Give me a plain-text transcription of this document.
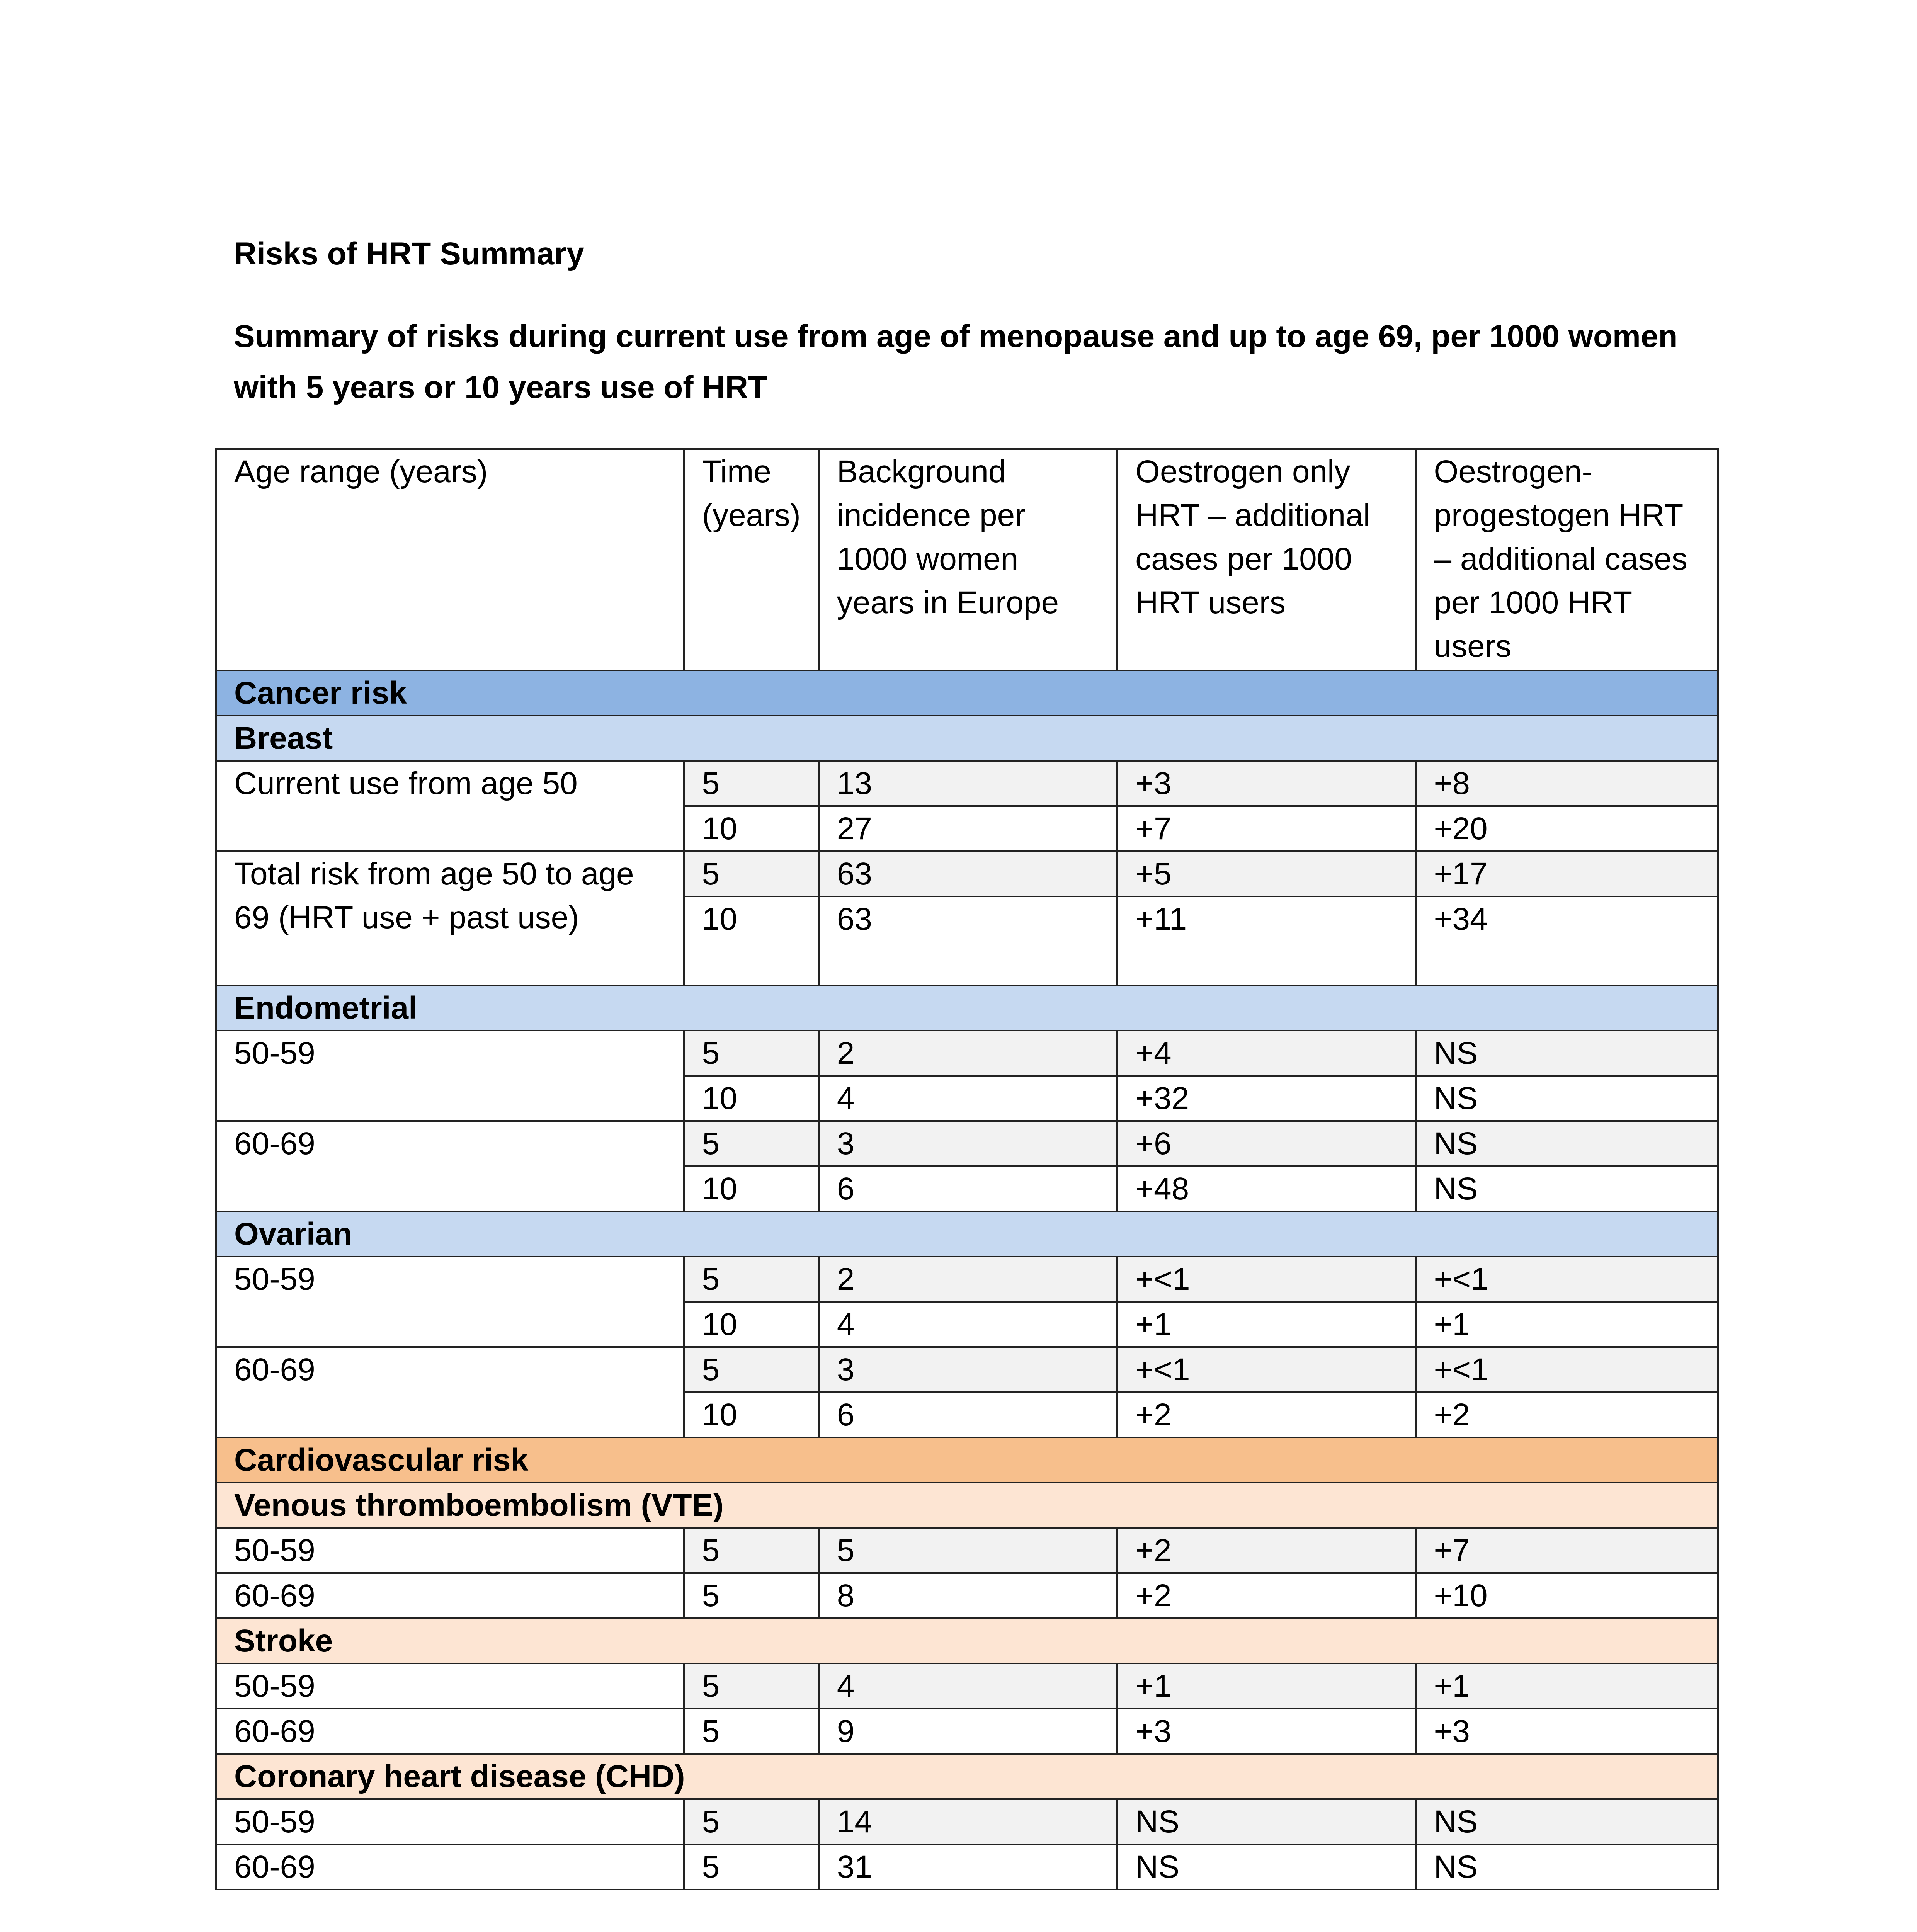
Risks of HRT Summary
Summary of risks during current use from age of menopause and up to age 69, per 1000 women with 5 years or 10 years use of HRT
Age range (years)	Time (years)	Background incidence per 1000 women years in Europe	Oestrogen only HRT – additional cases per 1000 HRT users	Oestrogen-progestogen HRT – additional cases per 1000 HRT users
Cancer risk				
Breast				
Current use from age 50	5	13	+3	+8
	10	27	+7	+20
Total risk from age 50 to age 69 (HRT use + past use)	5	63	+5	+17
	10	63	+11	+34
Endometrial				
50-59	5	2	+4	NS
	10	4	+32	NS
60-69	5	3	+6	NS
	10	6	+48	NS
Ovarian				
50-59	5	2	+<1	+<1
	10	4	+1	+1
60-69	5	3	+<1	+<1
	10	6	+2	+2
Cardiovascular risk				
Venous thromboembolism (VTE)				
50-59	5	5	+2	+7
60-69	5	8	+2	+10
Stroke				
50-59	5	4	+1	+1
60-69	5	9	+3	+3
Coronary heart disease (CHD)				
50-59	5	14	NS	NS
60-69	5	31	NS	NS
